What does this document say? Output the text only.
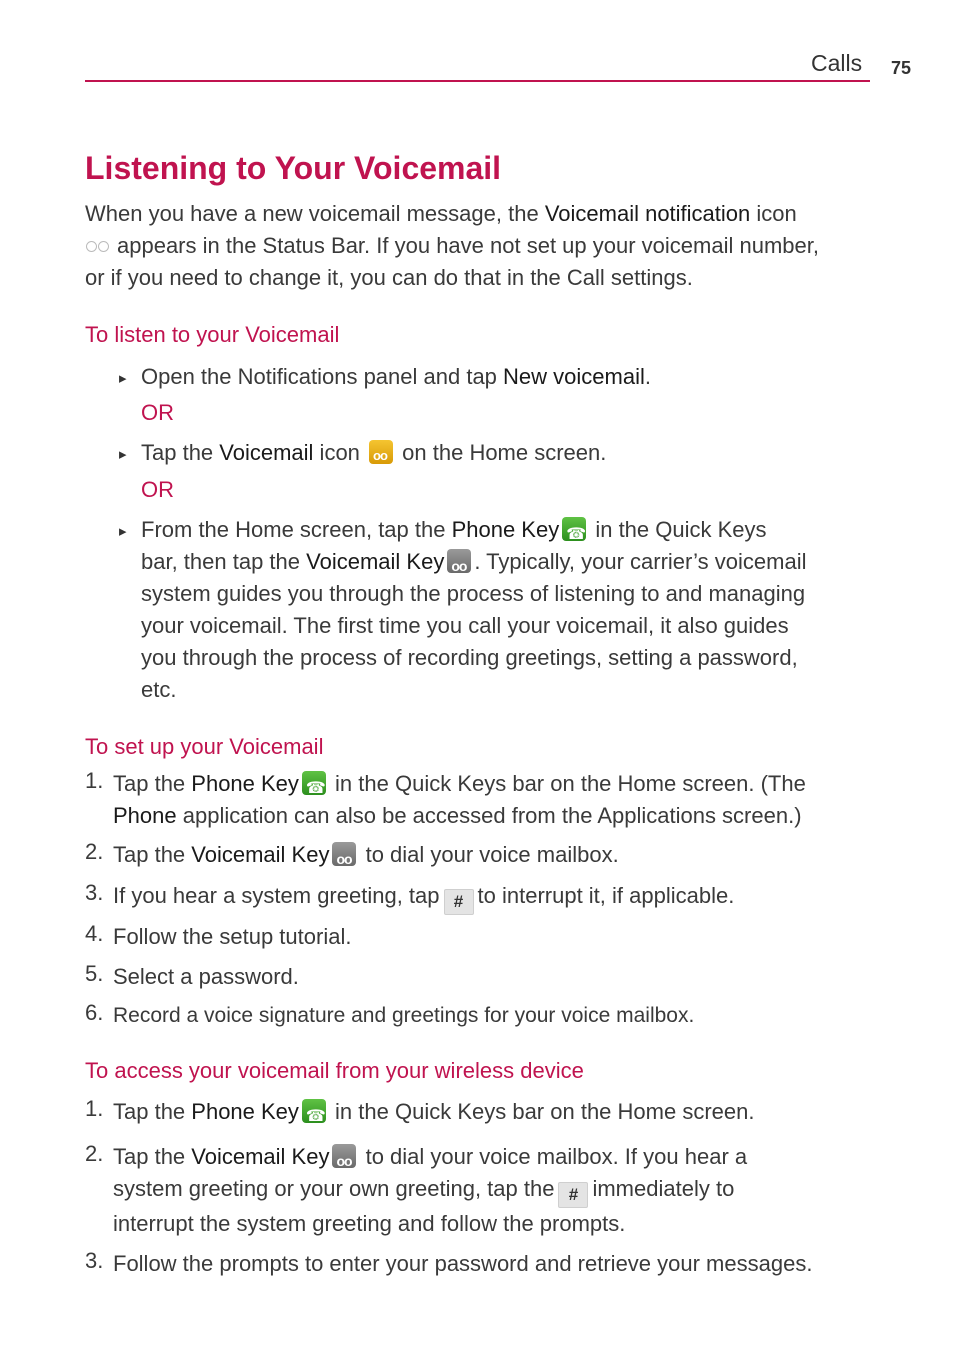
Calls 75
Listening to Your Voicemail
When you have a new voicemail message, the Voicemail notification icon
appears in the Status Bar. If you have not set up your voicemail number,
or if you need to change it, you can do that in the Call settings.
To listen to your Voicemail
▸ Open the Notifications panel and tap New voicemail.
OR
▸ Tap the Voicemail icon oo on the Home screen.
OR
▸ From the Home screen, tap the Phone Key☎ in the Quick Keys
bar, then tap the Voicemail Keyoo . Typically, your carrier’s voicemail
system guides you through the process of listening to and managing
your voicemail. The first time you call your voicemail, it also guides
you through the process of recording greetings, setting a password,
etc.
To set up your Voicemail
1. Tap the Phone Key☎ in the Quick Keys bar on the Home screen. (The
Phone application can also be accessed from the Applications screen.)
2. Tap the Voicemail Keyoo to dial your voice mailbox.
3. If you hear a system greeting, tap # to interrupt it, if applicable.
4. Follow the setup tutorial.
5. Select a password.
6. Record a voice signature and greetings for your voice mailbox.
To access your voicemail from your wireless device
1. Tap the Phone Key☎ in the Quick Keys bar on the Home screen.
2. Tap the Voicemail Keyoo to dial your voice mailbox. If you hear a
system greeting or your own greeting, tap the # immediately to
interrupt the system greeting and follow the prompts.
3. Follow the prompts to enter your password and retrieve your messages.
